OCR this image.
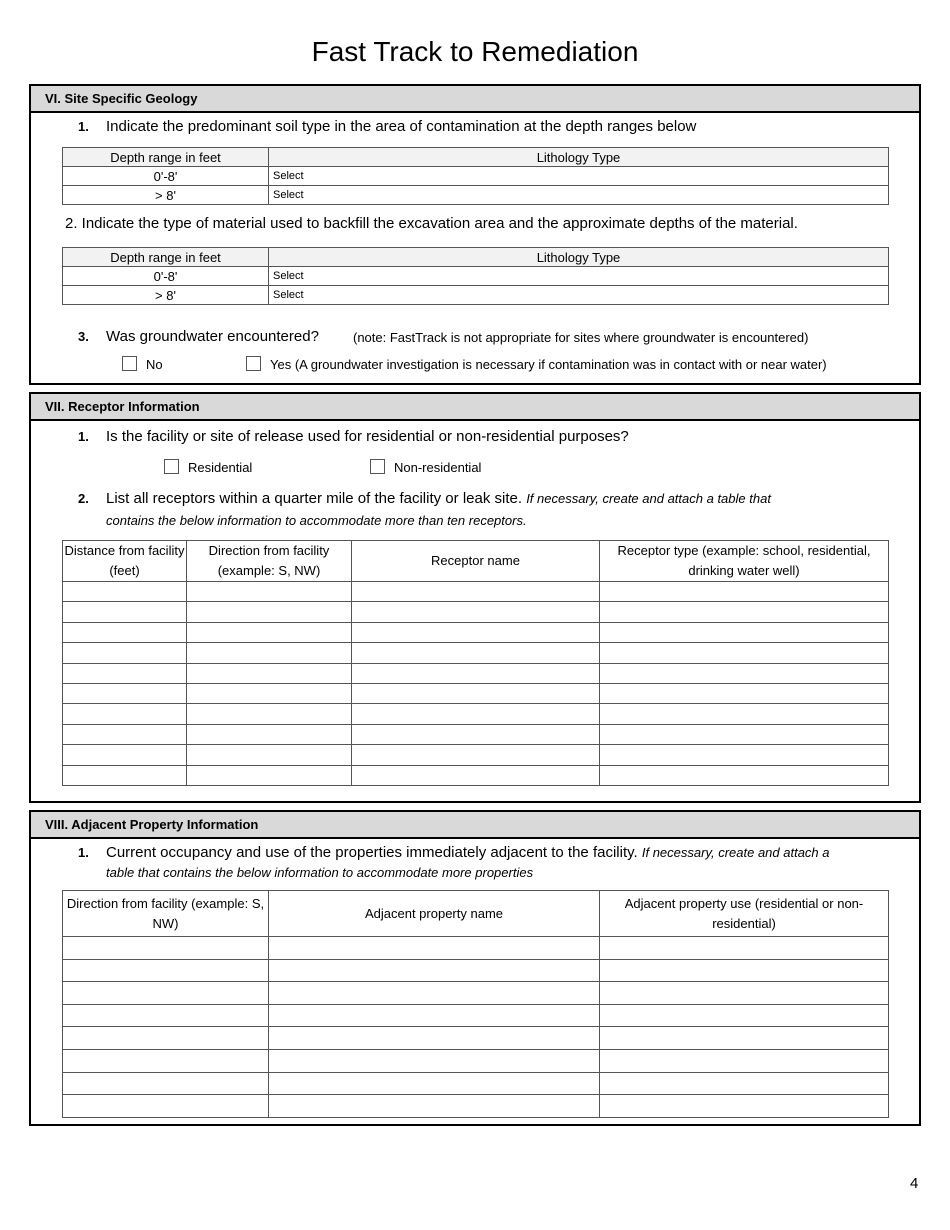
Fast Track to Remediation
VI. Site Specific Geology
1. Indicate the predominant soil type in the area of contamination at the depth ranges below
Depth range in feet	Lithology Type
0'-8'	Select
> 8'	Select
2. Indicate the type of material used to backfill the excavation area and the approximate depths of the material.
Depth range in feet	Lithology Type
0'-8'	Select
> 8'	Select
3. Was groundwater encountered?	(note: FastTrack is not appropriate for sites where groundwater is encountered)
No	Yes (A groundwater investigation is necessary if contamination was in contact with or near water)
VII. Receptor Information
1. Is the facility or site of release used for residential or non-residential purposes?
Residential	Non-residential
2. List all receptors within a quarter mile of the facility or leak site. If necessary, create and attach a table that
contains the below information to accommodate more than ten receptors.
Distance from facility (feet)	Direction from facility (example: S, NW)	Receptor name	Receptor type (example: school, residential, drinking water well)

VIII. Adjacent Property Information
1. Current occupancy and use of the properties immediately adjacent to the facility. If necessary, create and attach a
table that contains the below information to accommodate more properties
Direction from facility (example: S, NW)	Adjacent property name	Adjacent property use (residential or non-residential)

4
